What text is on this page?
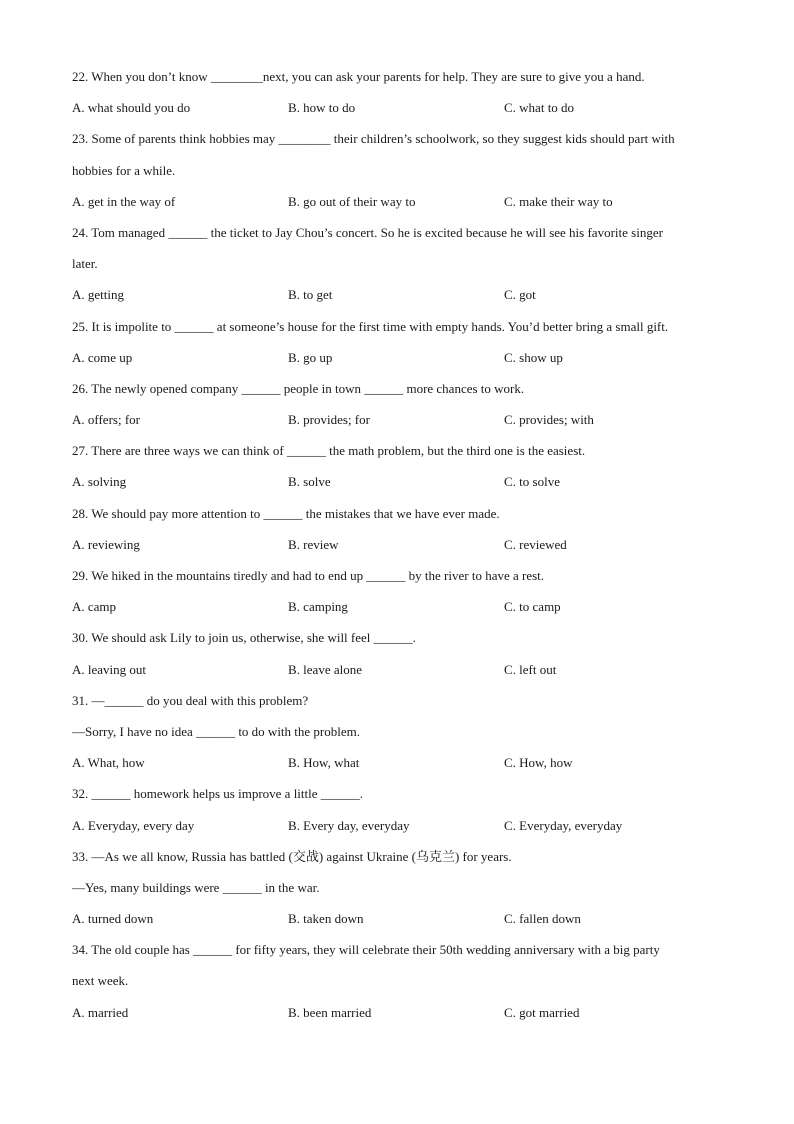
22. When you don’t know ________next, you can ask your parents for help. They are sure to give you a hand.
A. what should you do	B. how to do	C. what to do
23. Some of parents think hobbies may ________ their children’s schoolwork, so they suggest kids should part with
hobbies for a while.
A. get in the way of	B. go out of their way to	C. make their way to
24. Tom managed ______ the ticket to Jay Chou’s concert. So he is excited because he will see his favorite singer
later.
A. getting	B. to get	C. got
25. It is impolite to ______ at someone’s house for the first time with empty hands. You’d better bring a small gift.
A. come up	B. go up	C. show up
26. The newly opened company ______ people in town ______ more chances to work.
A. offers; for	B. provides; for	C. provides; with
27. There are three ways we can think of ______ the math problem, but the third one is the easiest.
A. solving	B. solve	C. to solve
28. We should pay more attention to ______ the mistakes that we have ever made.
A. reviewing	B. review	C. reviewed
29. We hiked in the mountains tiredly and had to end up ______ by the river to have a rest.
A. camp	B. camping	C. to camp
30. We should ask Lily to join us, otherwise, she will feel ______.
A. leaving out	B. leave alone	C. left out
31. —______ do you deal with this problem?
—Sorry, I have no idea ______ to do with the problem.
A. What, how	B. How, what	C. How, how
32. ______ homework helps us improve a little ______.
A. Everyday, every day	B. Every day, everyday	C. Everyday, everyday
33. —As we all know, Russia has battled (交战) against Ukraine (乌克兰) for years.
—Yes, many buildings were ______ in the war.
A. turned down	B. taken down	C. fallen down
34. The old couple has ______ for fifty years, they will celebrate their 50th wedding anniversary with a big party
next week.
A. married	B. been married	C. got married
